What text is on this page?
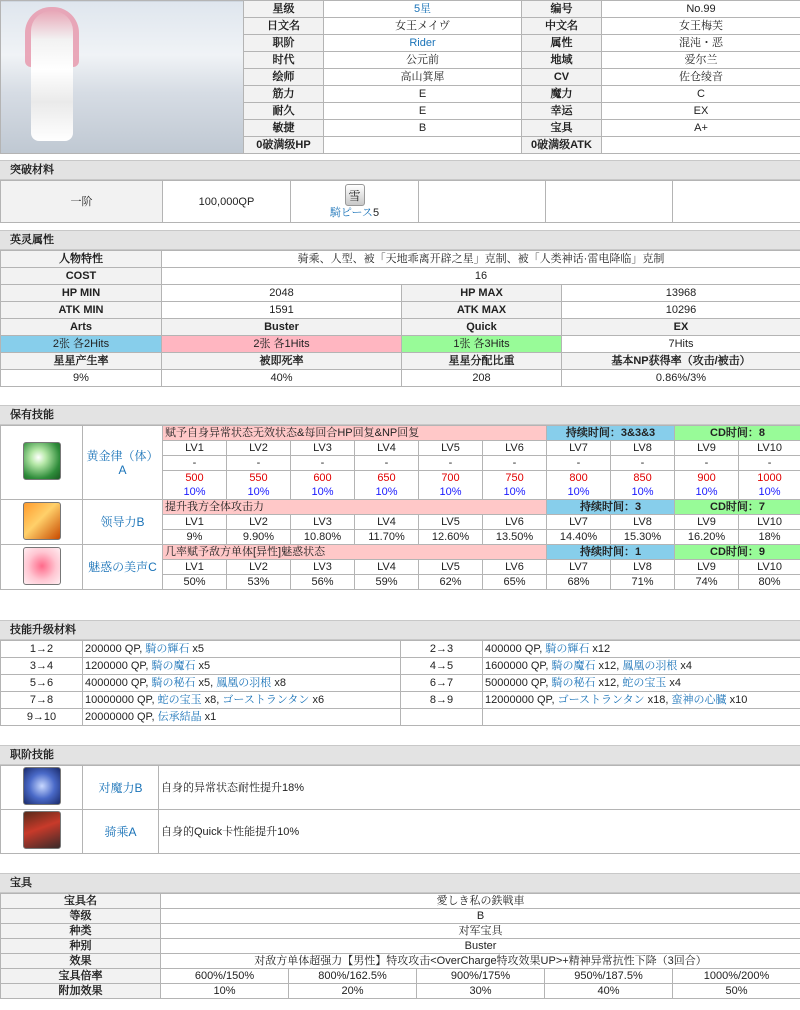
	星级	5星	编号	No.99
	日文名	女王メイヴ	中文名	女王梅芙
	职阶	Rider	属性	混沌・恶
	时代	公元前	地域	爱尔兰
	绘师	高山箕犀	CV	佐仓绫音
	筋力	E	魔力	C
	耐久	E	幸运	EX
	敏捷	B	宝具	A+
	0破满级HP		0破满级ATK	
突破材料
一阶	100,000QP	雪
騎ピース5

英灵属性
人物特性	骑乘、人型、被「天地乖离开辟之星」克制、被「人类神话·雷电降临」克制		
COST	16		
HP MIN	2048	HP MAX	13968
ATK MIN	1591	ATK MAX	10296
Arts	Buster	Quick	EX
2张 各2Hits	2张 各1Hits	1张 各3Hits	7Hits
星星产生率	被即死率	星星分配比重	基本NP获得率（攻击/被击）
9%	40%	208	0.86%/3%
保有技能
	黄金律（体）A	赋予自身异常状态无效状态&每回合HP回复&NP回复						持续时间：3&3&3		CD时间：8	
		LV1	LV2	LV3	LV4	LV5	LV6	LV7	LV8	LV9	LV10
		-	-	-	-	-	-	-	-	-	-
		500	550	600	650	700	750	800	850	900	1000
		10%	10%	10%	10%	10%	10%	10%	10%	10%	10%
	领导力B	提升我方全体攻击力						持续时间：3		CD时间：7	
		LV1	LV2	LV3	LV4	LV5	LV6	LV7	LV8	LV9	LV10
		9%	9.90%	10.80%	11.70%	12.60%	13.50%	14.40%	15.30%	16.20%	18%
	魅惑の美声C	几率赋予敌方单体[异性]魅惑状态						持续时间：1		CD时间：9	
		LV1	LV2	LV3	LV4	LV5	LV6	LV7	LV8	LV9	LV10
		50%	53%	56%	59%	62%	65%	68%	71%	74%	80%
技能升级材料
1→2	200000 QP, 騎の輝石 x5	2→3	400000 QP, 騎の輝石 x12
3→4	1200000 QP, 騎の魔石 x5	4→5	1600000 QP, 騎の魔石 x12, 鳳凰の羽根 x4
5→6	4000000 QP, 騎の秘石 x5, 鳳凰の羽根 x8	6→7	5000000 QP, 騎の秘石 x12, 蛇の宝玉 x4
7→8	10000000 QP, 蛇の宝玉 x8, ゴーストランタン x6	8→9	12000000 QP, ゴーストランタン x18, 蛮神の心臓 x10
9→10	20000000 QP, 伝承結晶 x1		
职阶技能
	对魔力B	自身的异常状态耐性提升18%
	骑乘A	自身的Quick卡性能提升10%
宝具
宝具名	愛しき私の鉄戦車				
等级	B				
种类	对军宝具				
种别	Buster				
效果	对敌方单体超强力【男性】特攻攻击<OverCharge特攻效果UP>+精神异常抗性下降（3回合）				
宝具倍率	600%/150%	800%/162.5%	900%/175%	950%/187.5%	1000%/200%
附加效果	10%	20%	30%	40%	50%
